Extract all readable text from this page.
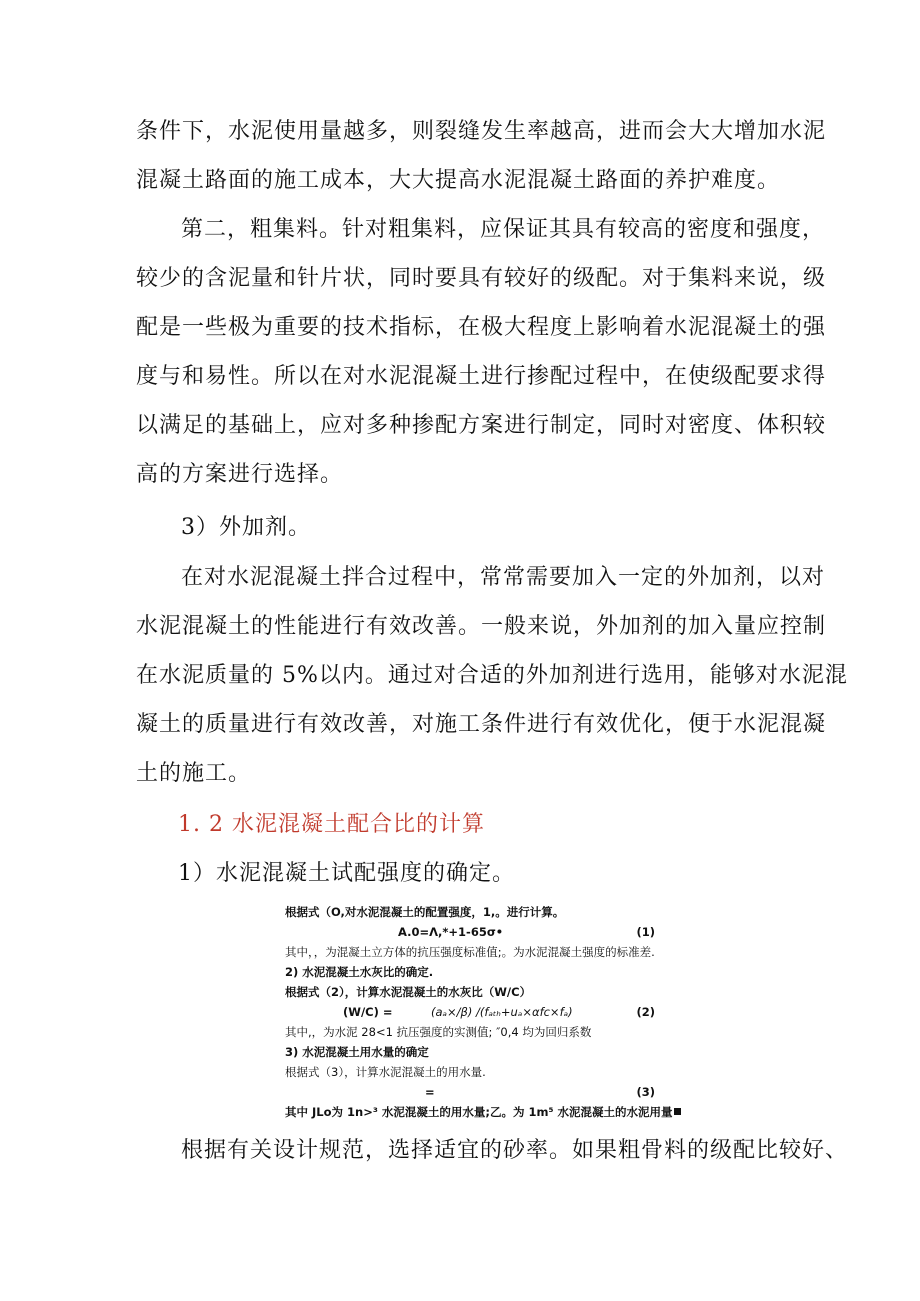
条件下，水泥使用量越多，则裂缝发生率越高，进而会大大增加水泥
混凝土路面的施工成本，大大提高水泥混凝土路面的养护难度。
第二，粗集料。针对粗集料，应保证其具有较高的密度和强度，
较少的含泥量和针片状，同时要具有较好的级配。对于集料来说，级
配是一些极为重要的技术指标，在极大程度上影响着水泥混凝土的强
度与和易性。所以在对水泥混凝土进行掺配过程中，在使级配要求得
以满足的基础上，应对多种掺配方案进行制定，同时对密度、体积较
高的方案进行选择。
3）外加剂。
在对水泥混凝土拌合过程中，常常需要加入一定的外加剂，以对
水泥混凝土的性能进行有效改善。一般来说，外加剂的加入量应控制
在水泥质量的 5%以内。通过对合适的外加剂进行选用，能够对水泥混
凝土的质量进行有效改善，对施工条件进行有效优化，便于水泥混凝
土的施工。
1. 2 水泥混凝土配合比的计算
1）水泥混凝土试配强度的确定。
根据式（O,对水泥混凝土的配置强度，1,。进行计算。
A.0=Λ,*+1-65σ•	(1)
其中，，为混凝土立方体的抗压强度标准值;。为水泥混凝土强度的标准差.
2) 水泥混凝土水灰比的确定.
根据式（2），计算水泥混凝土的水灰比（W/C）
(W/C) =	(aₐ×/β) /(fₐₜₕ+uₐ×αfc×fₐ)	(2)
其中,，为水泥 28<1 抗压强度的实测值; ″0,4 均为回归系数
3) 水泥混凝土用水量的确定
根据式（3），计算水泥混凝土的用水量.
=	(3)
其中 JLo为 1n>³ 水泥混凝土的用水量;乙。为 1m⁵ 水泥混凝土的水泥用量
根据有关设计规范，选择适宜的砂率。如果粗骨料的级配比较好、
